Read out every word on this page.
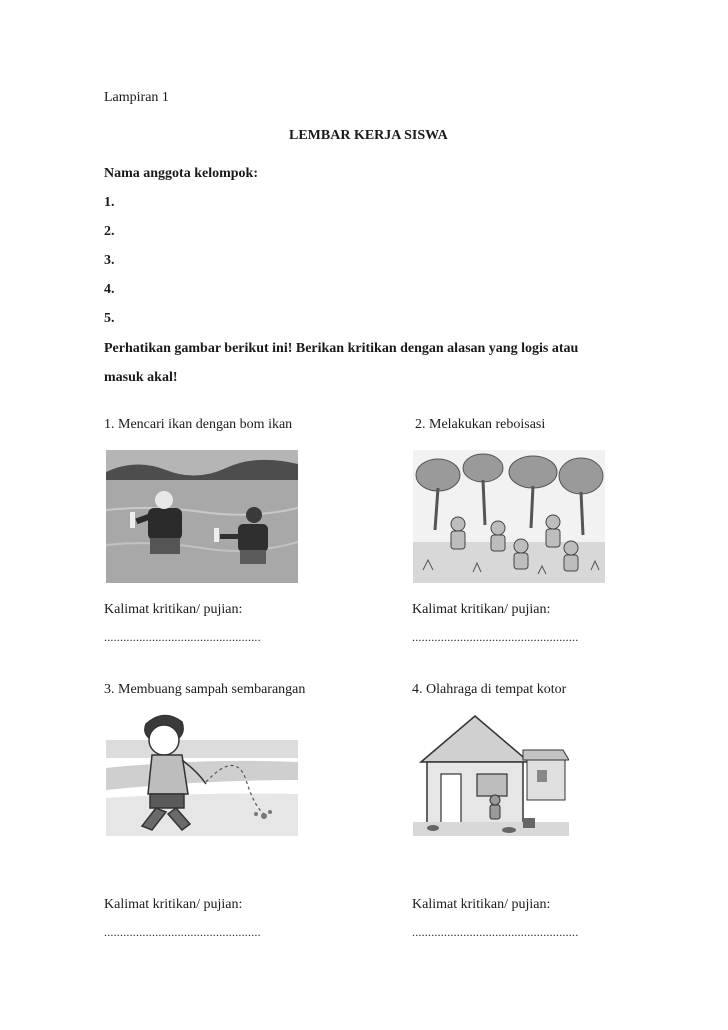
Lampiran 1
LEMBAR KERJA SISWA
Nama anggota kelompok:
1.
2.
3.
4.
5.
Perhatikan gambar berikut ini! Berikan kritikan dengan alasan yang logis atau
masuk akal!
1. Mencari ikan dengan bom ikan
Kalimat kritikan/ pujian:
.................................................
2. Melakukan reboisasi
Kalimat kritikan/ pujian:
....................................................
3. Membuang sampah sembarangan
Kalimat kritikan/ pujian:
.................................................
4. Olahraga di tempat kotor
Kalimat kritikan/ pujian:
....................................................
